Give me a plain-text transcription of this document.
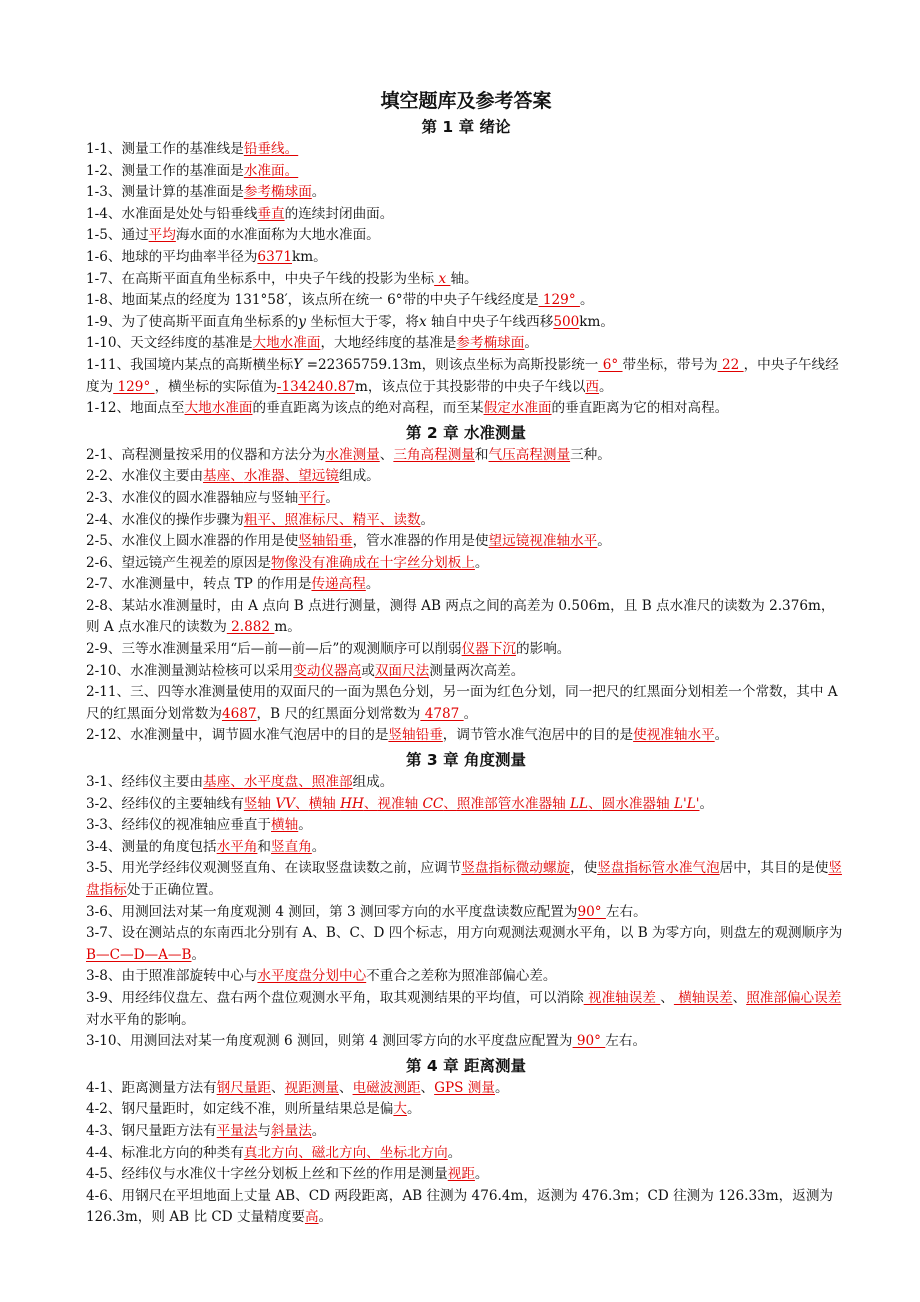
填空题库及参考答案
第 1 章 绪论

1-1、测量工作的基准线是铅垂线。

1-2、测量工作的基准面是水准面。

1-3、测量计算的基准面是参考椭球面。

1-4、水准面是处处与铅垂线垂直的连续封闭曲面。

1-5、通过平均海水面的水准面称为大地水准面。

1-6、地球的平均曲率半径为6371km。

1-7、在高斯平面直角坐标系中，中央子午线的投影为坐标 x 轴。

1-8、地面某点的经度为 131°58′，该点所在统一 6°带的中央子午线经度是 129° 。

1-9、为了使高斯平面直角坐标系的y 坐标恒大于零，将x 轴自中央子午线西移500km。

1-10、天文经纬度的基准是大地水准面，大地经纬度的基准是参考椭球面。

1-11、我国境内某点的高斯横坐标Y =22365759.13m，则该点坐标为高斯投影统一 6° 带坐标，带号为 22 ，中央子午线经度为 129° ，横坐标的实际值为-134240.87m，该点位于其投影带的中央子午线以西。

1-12、地面点至大地水准面的垂直距离为该点的绝对高程，而至某假定水准面的垂直距离为它的相对高程。

第 2 章 水准测量

2-1、高程测量按采用的仪器和方法分为水准测量、三角高程测量和气压高程测量三种。

2-2、水准仪主要由基座、水准器、望远镜组成。

2-3、水准仪的圆水准器轴应与竖轴平行。

2-4、水准仪的操作步骤为粗平、照准标尺、精平、读数。

2-5、水准仪上圆水准器的作用是使竖轴铅垂，管水准器的作用是使望远镜视准轴水平。

2-6、望远镜产生视差的原因是物像没有准确成在十字丝分划板上。

2-7、水准测量中，转点 TP 的作用是传递高程。

2-8、某站水准测量时，由 A 点向 B 点进行测量，测得 AB 两点之间的高差为 0.506m，且 B 点水准尺的读数为 2.376m，则 A 点水准尺的读数为 2.882 m。

2-9、三等水准测量采用“后—前—前—后”的观测顺序可以削弱仪器下沉的影响。

2-10、水准测量测站检核可以采用变动仪器高或双面尺法测量两次高差。

2-11、三、四等水准测量使用的双面尺的一面为黑色分划，另一面为红色分划，同一把尺的红黑面分划相差一个常数，其中 A 尺的红黑面分划常数为4687，B 尺的红黑面分划常数为 4787 。

2-12、水准测量中，调节圆水准气泡居中的目的是竖轴铅垂，调节管水准气泡居中的目的是使视准轴水平。

第 3 章 角度测量

3-1、经纬仪主要由基座、水平度盘、照准部组成。

3-2、经纬仪的主要轴线有竖轴 VV、横轴 HH、视准轴 CC、照准部管水准器轴 LL、圆水准器轴 L'L'。

3-3、经纬仪的视准轴应垂直于横轴。

3-4、测量的角度包括水平角和竖直角。

3-5、用光学经纬仪观测竖直角、在读取竖盘读数之前，应调节竖盘指标微动螺旋，使竖盘指标管水准气泡居中，其目的是使竖盘指标处于正确位置。

3-6、用测回法对某一角度观测 4 测回，第 3 测回零方向的水平度盘读数应配置为90° 左右。

3-7、设在测站点的东南西北分别有 A、B、C、D 四个标志，用方向观测法观测水平角，以 B 为零方向，则盘左的观测顺序为B—C—D—A—B。

3-8、由于照准部旋转中心与水平度盘分划中心不重合之差称为照准部偏心差。

3-9、用经纬仪盘左、盘右两个盘位观测水平角，取其观测结果的平均值，可以消除 视准轴误差 、 横轴误差、照准部偏心误差对水平角的影响。

3-10、用测回法对某一角度观测 6 测回，则第 4 测回零方向的水平度盘应配置为 90° 左右。

第 4 章 距离测量

4-1、距离测量方法有钢尺量距、视距测量、电磁波测距、GPS 测量。

4-2、钢尺量距时，如定线不准，则所量结果总是偏大。

4-3、钢尺量距方法有平量法与斜量法。

4-4、标准北方向的种类有真北方向、磁北方向、坐标北方向。

4-5、经纬仪与水准仪十字丝分划板上丝和下丝的作用是测量视距。

4-6、用钢尺在平坦地面上丈量 AB、CD 两段距离，AB 往测为 476.4m，返测为 476.3m；CD 往测为 126.33m，返测为 126.3m，则 AB 比 CD 丈量精度要高。
